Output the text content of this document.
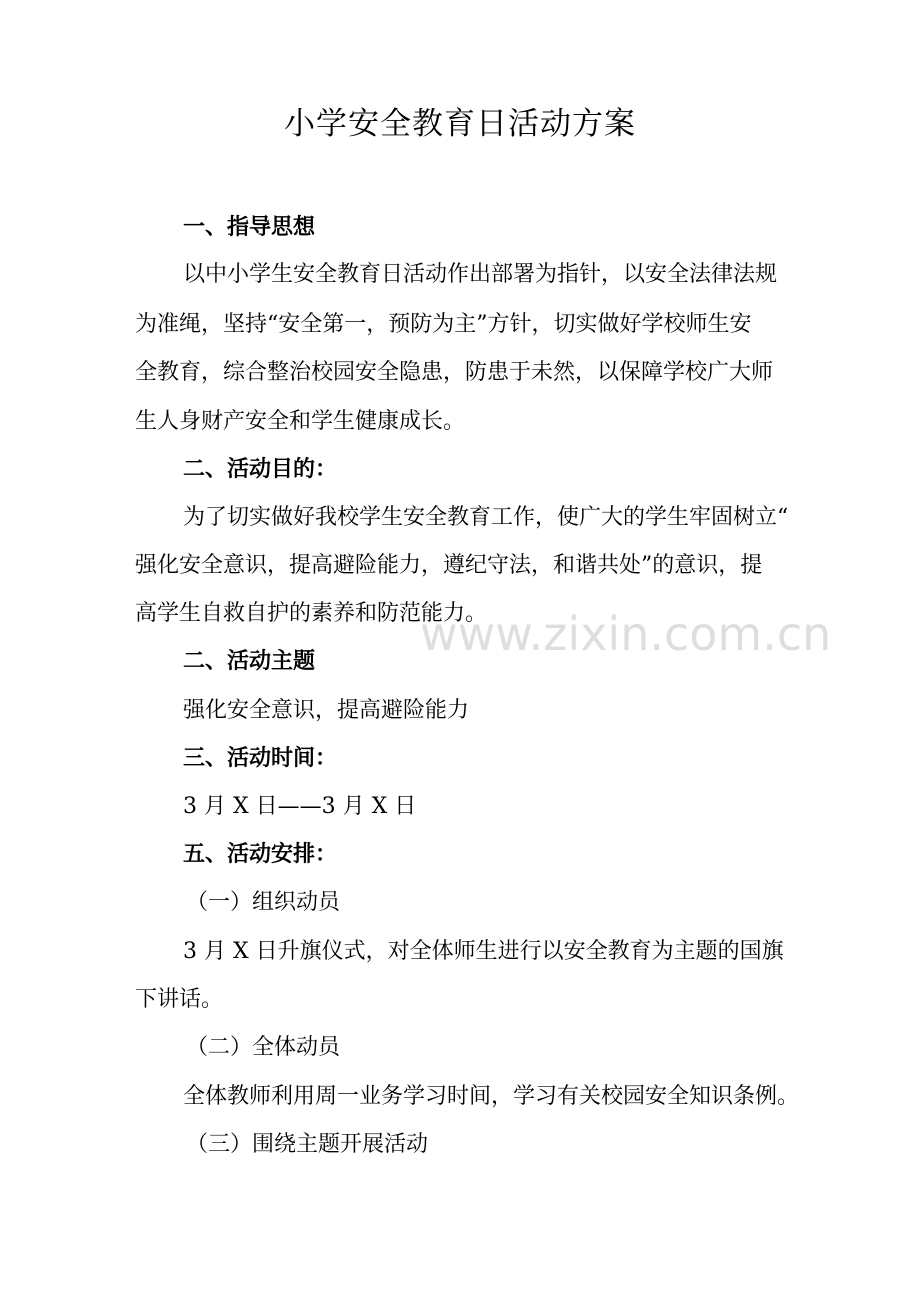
小学安全教育日活动方案
一、指导思想
以中小学生安全教育日活动作出部署为指针，以安全法律法规
为准绳，坚持“安全第一，预防为主”方针，切实做好学校师生安
全教育，综合整治校园安全隐患，防患于未然，以保障学校广大师
生人身财产安全和学生健康成长。
二、活动目的：
为了切实做好我校学生安全教育工作，使广大的学生牢固树立“
强化安全意识，提高避险能力，遵纪守法，和谐共处”的意识，提
高学生自救自护的素养和防范能力。
二、活动主题
强化安全意识，提高避险能力
三、活动时间：
3 月 X 日——3 月 X 日
五、活动安排：
（一）组织动员
3 月 X 日升旗仪式，对全体师生进行以安全教育为主题的国旗
下讲话。
（二）全体动员
全体教师利用周一业务学习时间，学习有关校园安全知识条例。
（三）围绕主题开展活动
www.zixin.com.cn
